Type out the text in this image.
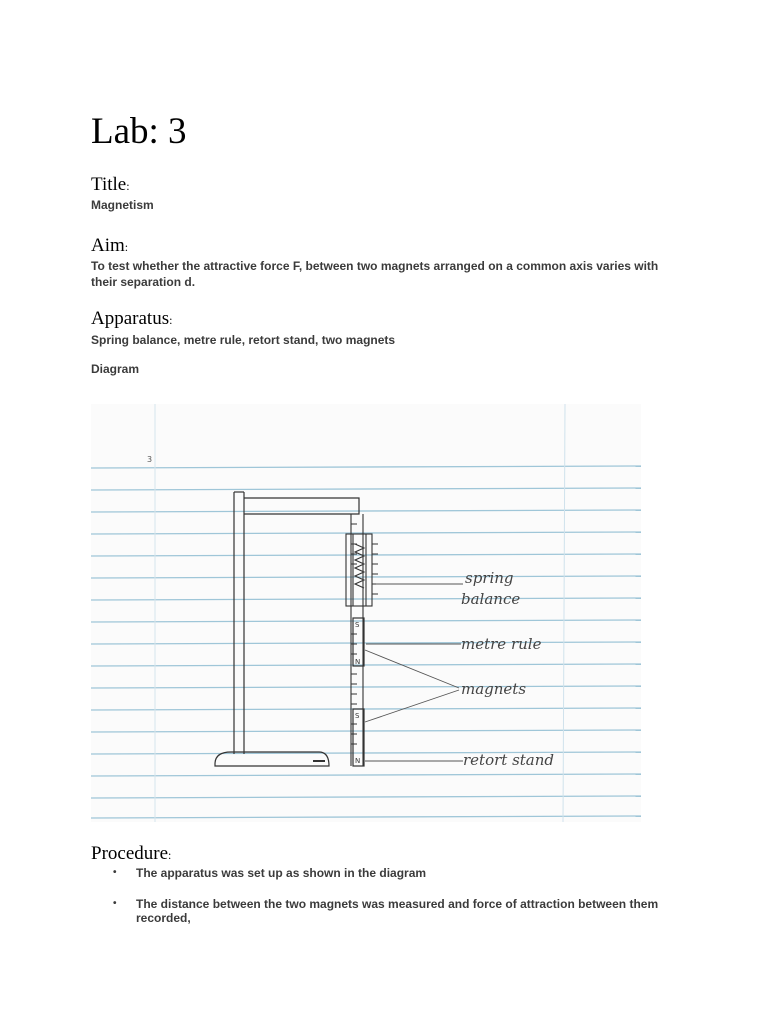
Lab: 3
Title:

Magnetism

Aim:

To test whether the attractive force F, between two magnets arranged on a common axis varies with their separation d.

Apparatus:

Spring balance, metre rule, retort stand, two magnets

Diagram

3
S
N
S
N
spring
balance
metre rule
magnets
retort stand
Procedure:
• The apparatus was set up as shown in the diagram
• The distance between the two magnets was measured and force of attraction between them recorded,
